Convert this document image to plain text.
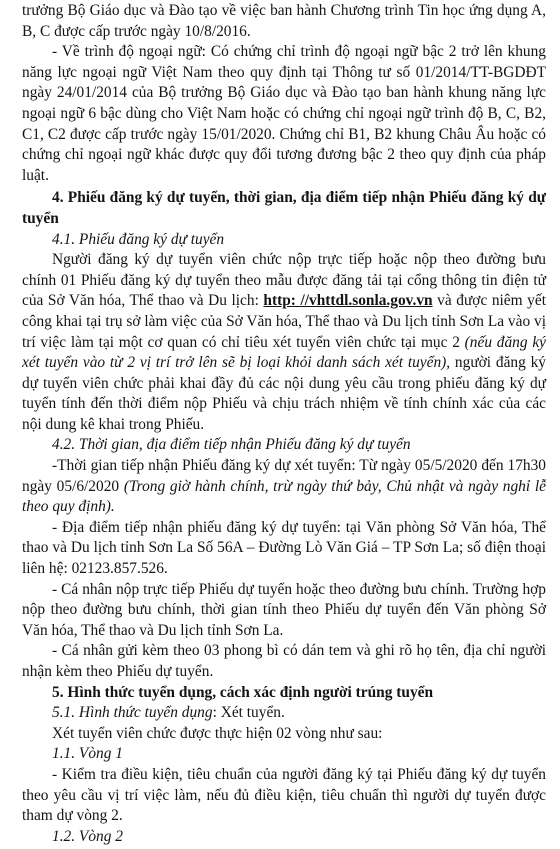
trưởng Bộ Giáo dục và Đào tạo về việc ban hành Chương trình Tin học ứng dụng A, B, C được cấp trước ngày 10/8/2016.

- Về trình độ ngoại ngữ: Có chứng chỉ trình độ ngoại ngữ bậc 2 trở lên khung năng lực ngoại ngữ Việt Nam theo quy định tại Thông tư số 01/2014/TT-BGDĐT ngày 24/01/2014 của Bộ trưởng Bộ Giáo dục và Đào tạo ban hành khung năng lực ngoại ngữ 6 bậc dùng cho Việt Nam hoặc có chứng chỉ ngoại ngữ trình độ B, C, B2, C1, C2 được cấp trước ngày 15/01/2020. Chứng chỉ B1, B2 khung Châu Âu hoặc có chứng chỉ ngoại ngữ khác được quy đổi tương đương bậc 2 theo quy định của pháp luật.

4. Phiếu đăng ký dự tuyển, thời gian, địa điểm tiếp nhận Phiếu đăng ký dự tuyển

4.1. Phiếu đăng ký dự tuyển

Người đăng ký dự tuyển viên chức nộp trực tiếp hoặc nộp theo đường bưu chính 01 Phiếu đăng ký dự tuyển theo mẫu được đăng tải tại cổng thông tin điện tử của Sở Văn hóa, Thể thao và Du lịch: http: //vhttdl.sonla.gov.vn và được niêm yết công khai tại trụ sở làm việc của Sở Văn hóa, Thể thao và Du lịch tỉnh Sơn La vào vị trí việc làm tại một cơ quan có chỉ tiêu xét tuyển viên chức tại mục 2 (nếu đăng ký xét tuyển vào từ 2 vị trí trở lên sẽ bị loại khỏi danh sách xét tuyển), người đăng ký dự tuyển viên chức phải khai đầy đủ các nội dung yêu cầu trong phiếu đăng ký dự tuyển tính đến thời điểm nộp Phiếu và chịu trách nhiệm về tính chính xác của các nội dung kê khai trong Phiếu.

4.2. Thời gian, địa điểm tiếp nhận Phiếu đăng ký dự tuyển

-Thời gian tiếp nhận Phiếu đăng ký dự xét tuyển: Từ ngày 05/5/2020 đến 17h30 ngày 05/6/2020 (Trong giờ hành chính, trừ ngày thứ bảy, Chủ nhật và ngày nghỉ lễ theo quy định).

- Địa điểm tiếp nhận phiếu đăng ký dự tuyển: tại Văn phòng Sở Văn hóa, Thể thao và Du lịch tỉnh Sơn La Số 56A – Đường Lò Văn Giá – TP Sơn La; số điện thoại liên hệ: 02123.857.526.

- Cá nhân nộp trực tiếp Phiếu dự tuyển hoặc theo đường bưu chính. Trường hợp nộp theo đường bưu chính, thời gian tính theo Phiếu dự tuyển đến Văn phòng Sở Văn hóa, Thể thao và Du lịch tỉnh Sơn La.

- Cá nhân gửi kèm theo 03 phong bì có dán tem và ghi rõ họ tên, địa chỉ người nhận kèm theo Phiếu dự tuyển.

5. Hình thức tuyển dụng, cách xác định người trúng tuyển

5.1. Hình thức tuyển dụng: Xét tuyển.

Xét tuyển viên chức được thực hiện 02 vòng như sau:

1.1. Vòng 1

- Kiểm tra điều kiện, tiêu chuẩn của người đăng ký tại Phiếu đăng ký dự tuyển theo yêu cầu vị trí việc làm, nếu đủ điều kiện, tiêu chuẩn thì người dự tuyển được tham dự vòng 2.

1.2. Vòng 2
